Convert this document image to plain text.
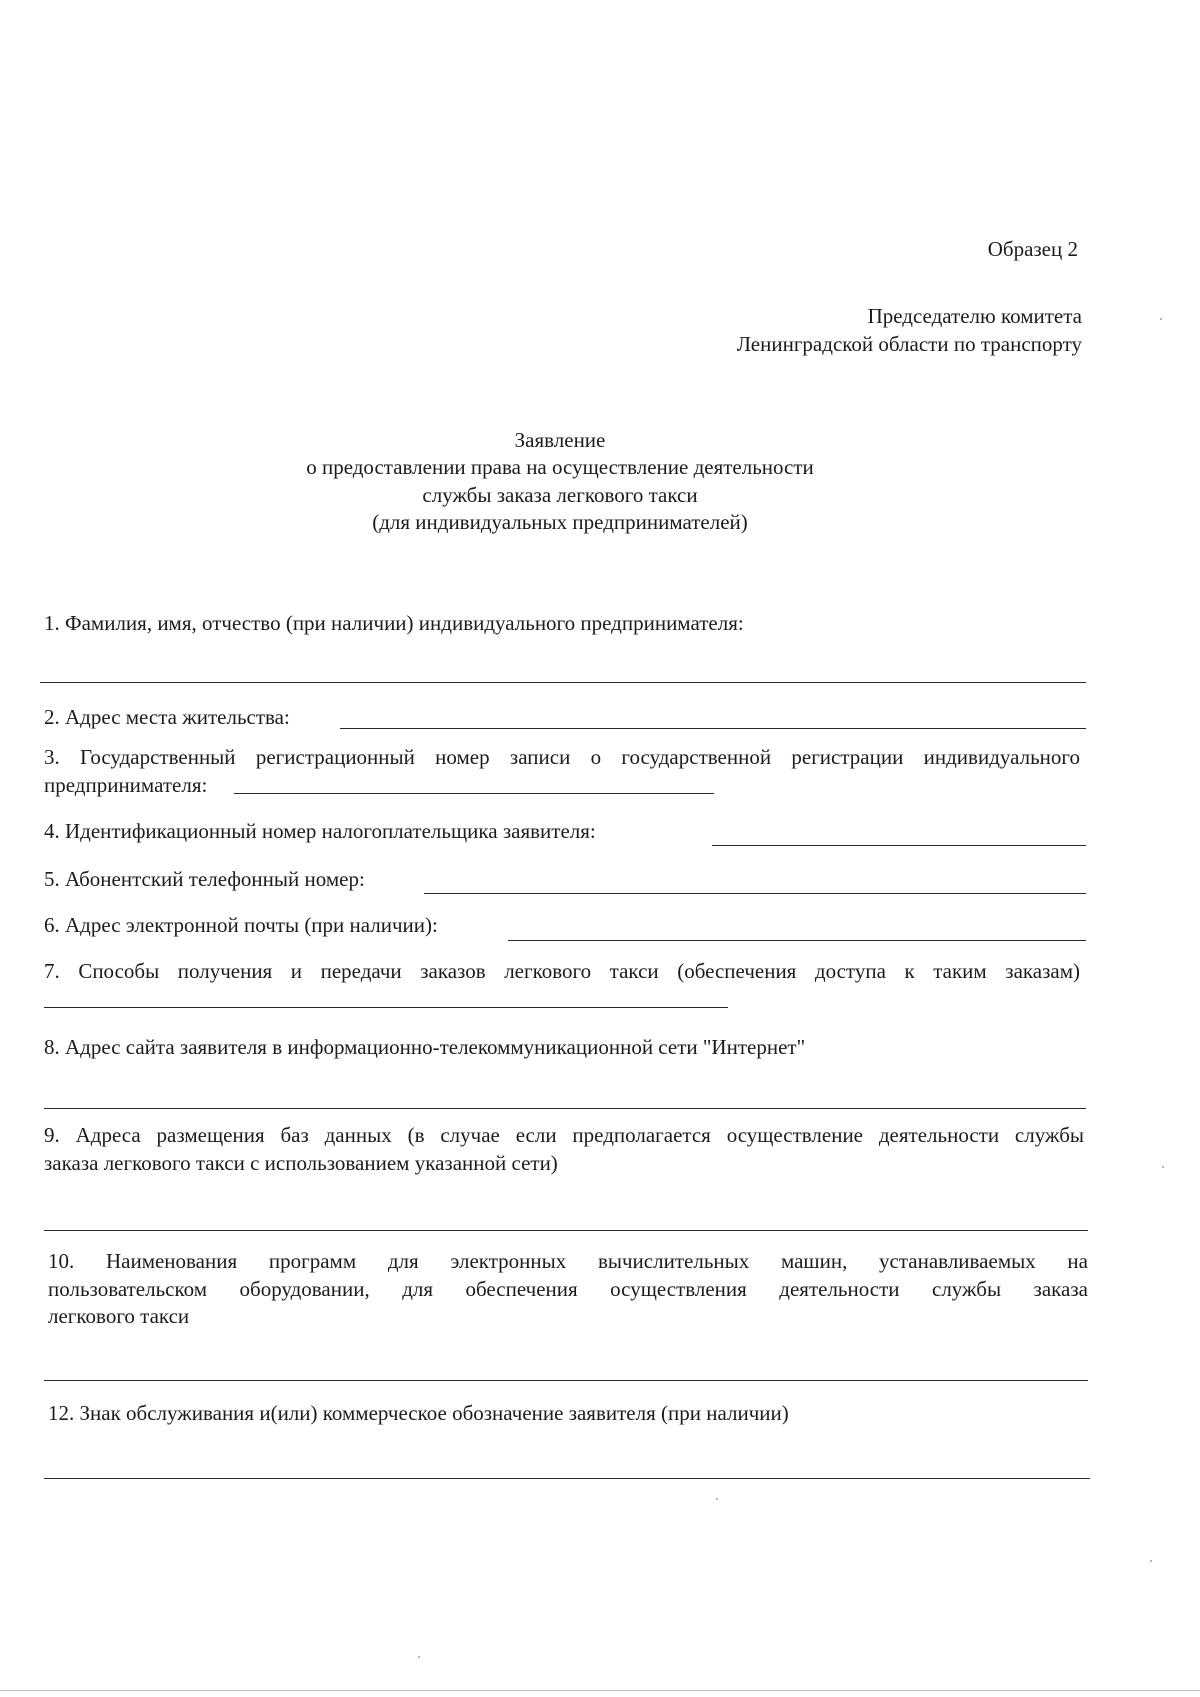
Образец 2
Председателю комитета
Ленинградской области по транспорту
Заявление
о предоставлении права на осуществление деятельности
службы заказа легкового такси
(для индивидуальных предпринимателей)
1. Фамилия, имя, отчество (при наличии) индивидуального предпринимателя:
2. Адрес места жительства:
3. Государственный регистрационный номер записи о государственной регистрации индивидуального
предпринимателя:
4. Идентификационный номер налогоплательщика заявителя:
5. Абонентский телефонный номер:
6. Адрес электронной почты (при наличии):
7. Способы получения и передачи заказов легкового такси (обеспечения доступа к таким заказам)
8. Адрес сайта заявителя в информационно-телекоммуникационной сети "Интернет"
9. Адреса размещения баз данных (в случае если предполагается осуществление деятельности службы
заказа легкового такси с использованием указанной сети)
10. Наименования программ для электронных вычислительных машин, устанавливаемых на
пользовательском оборудовании, для обеспечения осуществления деятельности службы заказа
легкового такси
12. Знак обслуживания и(или) коммерческое обозначение заявителя (при наличии)
